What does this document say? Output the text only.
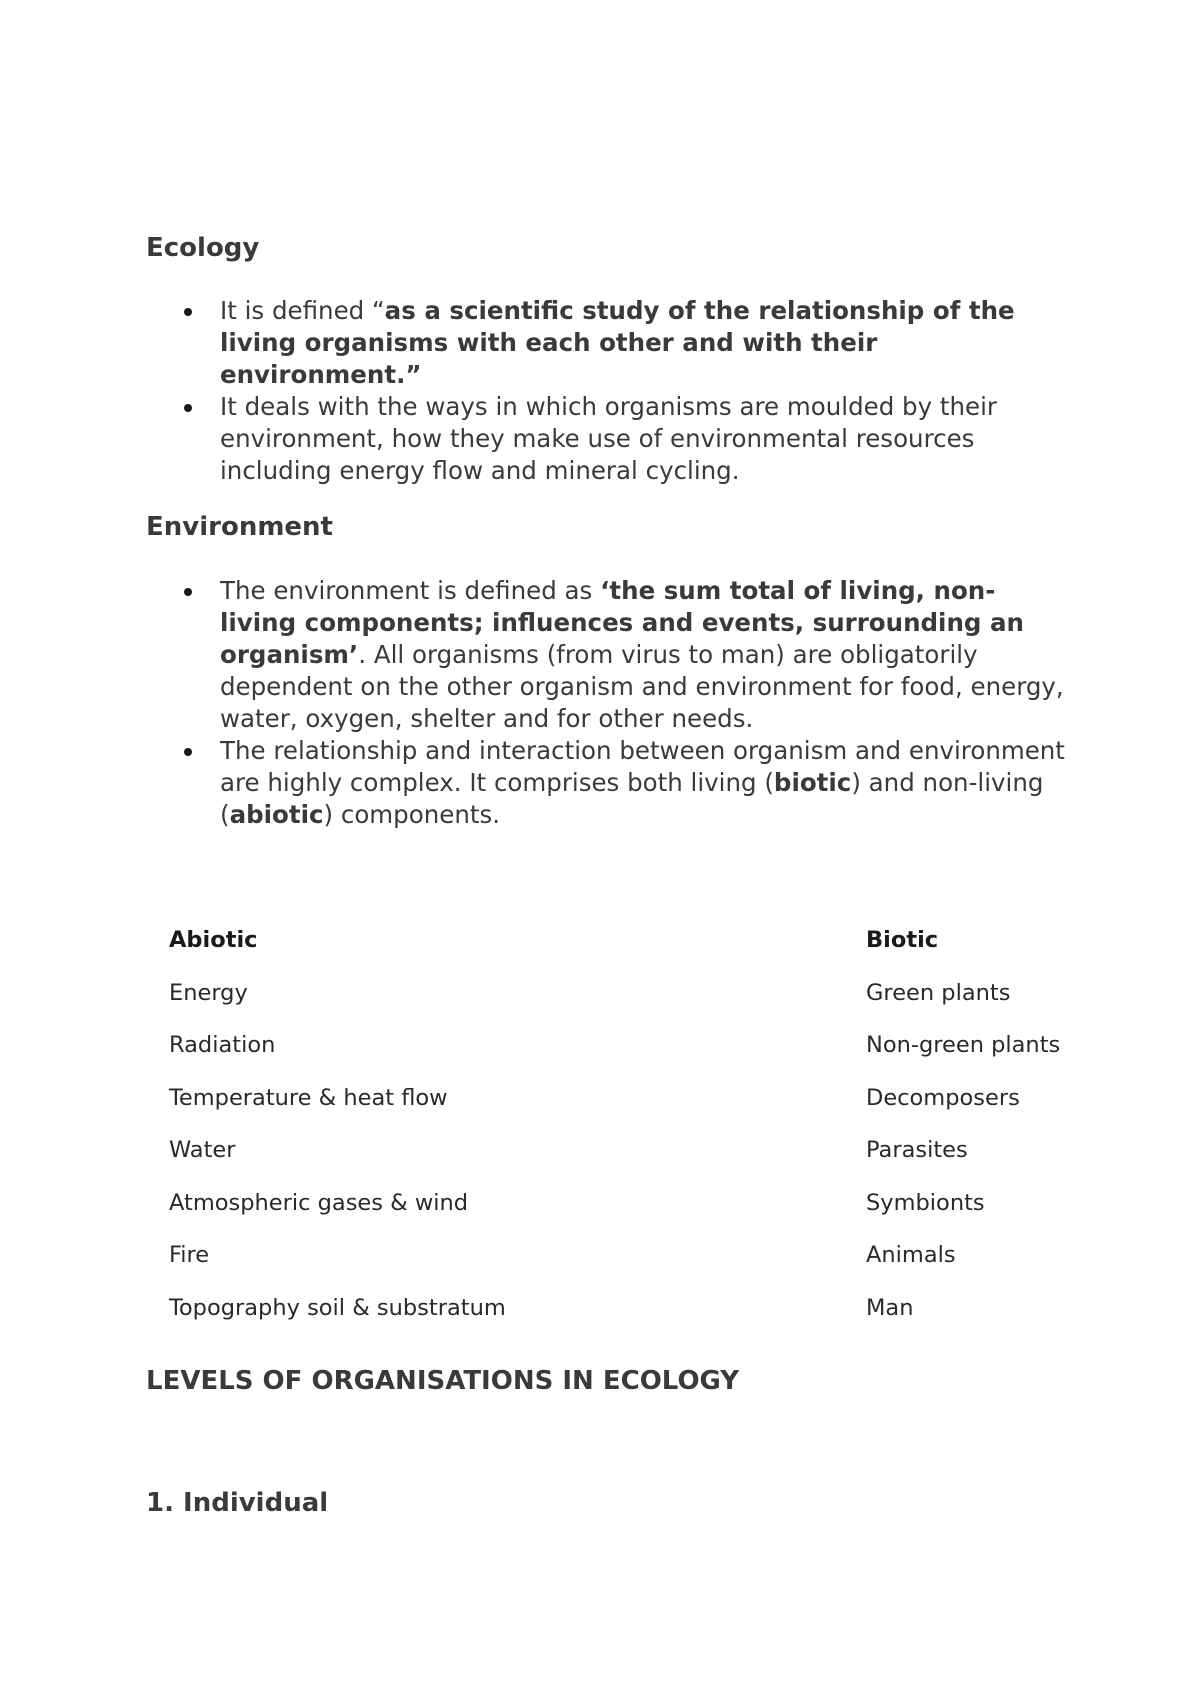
Ecology
It is defined “as a scientific study of the relationship of the living organisms with each other and with their environment.”
It deals with the ways in which organisms are moulded by their environment, how they make use of environmental resources including energy flow and mineral cycling.
Environment
The environment is defined as ‘the sum total of living, non-living components; influences and events, surrounding an organism’. All organisms (from virus to man) are obligatorily dependent on the other organism and environment for food, energy, water, oxygen, shelter and for other needs.
The relationship and interaction between organism and environment are highly complex. It comprises both living (biotic) and non-living (abiotic) components.
Abiotic	Biotic
Energy	Green plants
Radiation	Non-green plants
Temperature & heat flow	Decomposers
Water	Parasites
Atmospheric gases & wind	Symbionts
Fire	Animals
Topography soil & substratum	Man
LEVELS OF ORGANISATIONS IN ECOLOGY
1. Individual
